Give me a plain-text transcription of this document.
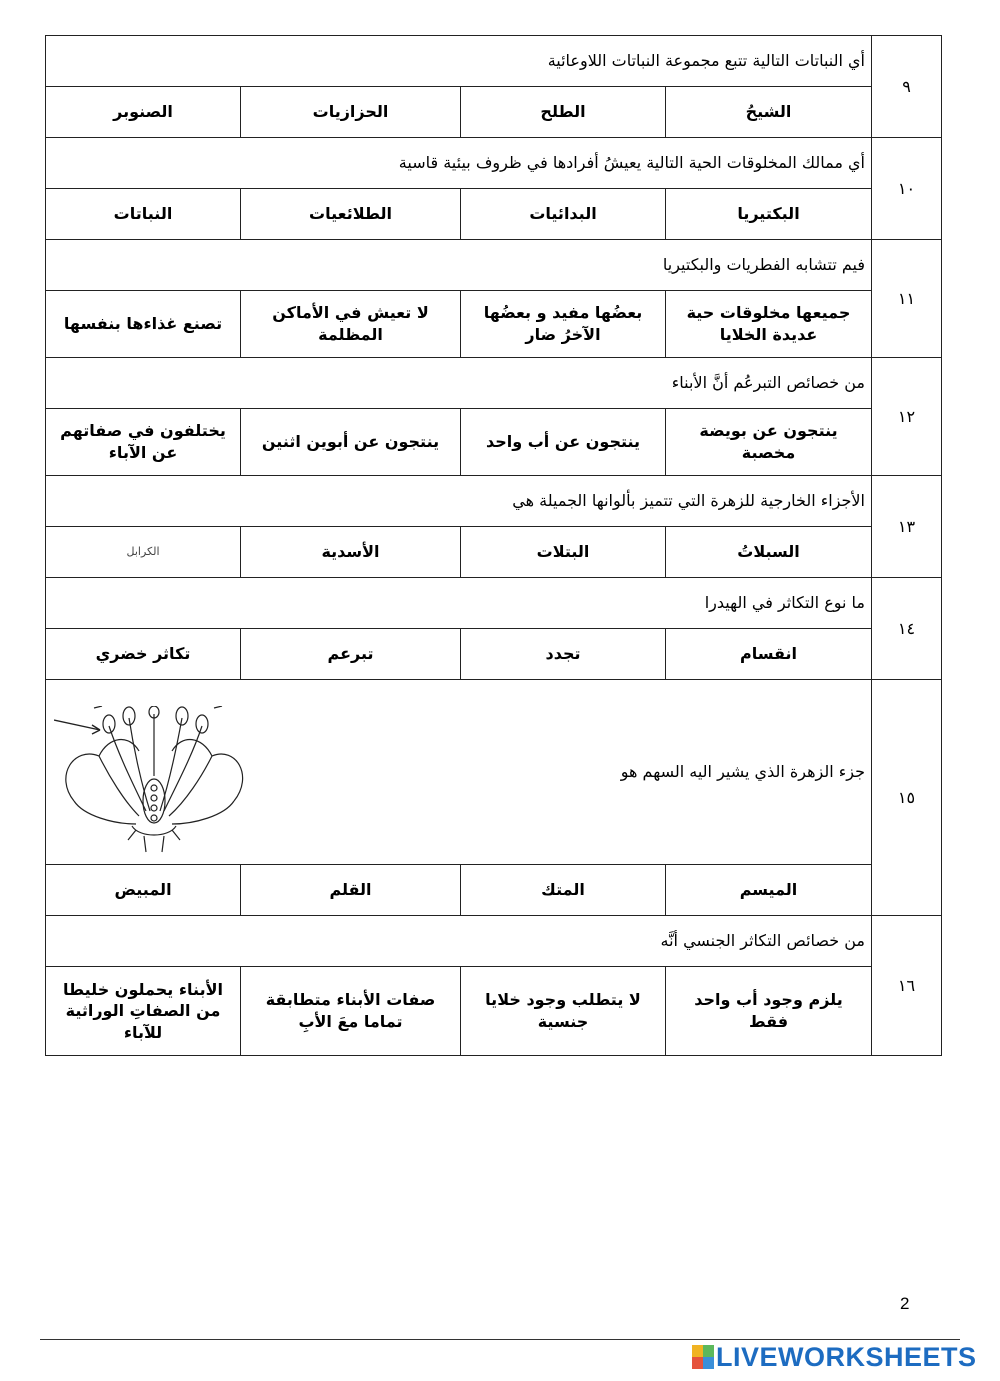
٩	أي النباتات التالية تتبع مجموعة النباتات اللاوعائية			
	الشيحُ	الطلح	الحزازيات	الصنوبر
١٠	أي ممالك المخلوقات الحية التالية يعيشُ أفرادها في ظروف بيئية قاسية			
	البكتيريا	البدائيات	الطلائعيات	النباتات
١١	فيم تتشابه الفطريات والبكتيريا			
	جميعها مخلوقات حية عديدة الخلايا	بعضُها مفيد و بعضُها الآخرُ ضار	لا تعيش في الأماكن المظلمة	تصنع غذاءها بنفسها
١٢	من خصائص التبرعُم أنَّ الأبناء			
	ينتجون عن بويضة مخصبة	ينتجون عن أب واحد	ينتجون عن أبوين اثنين	يختلفون في صفاتهم عن الآباء
١٣	الأجزاء الخارجية للزهرة التي تتميز بألوانها الجميلة هي			
	السبلاتُ	البتلات	الأسدية	الكرابل
١٤	ما نوع التكاثر في الهيدرا			
	انقسام	تجدد	تبرعم	تكاثر خضري
١٥	جزء الزهرة الذي يشير اليه السهم هو			

	الميسم	المتك	القلم	المبيض
١٦	من خصائص التكاثر الجنسي أنَّه			
	يلزم وجود أب واحد فقط	لا يتطلب وجود خلايا جنسية	صفات الأبناء متطابقة تماما معَ الأبِ	الأبناء يحملون خليطا من الصفاتِ الوراثية للآباء
2
LIVEWORKSHEETS
